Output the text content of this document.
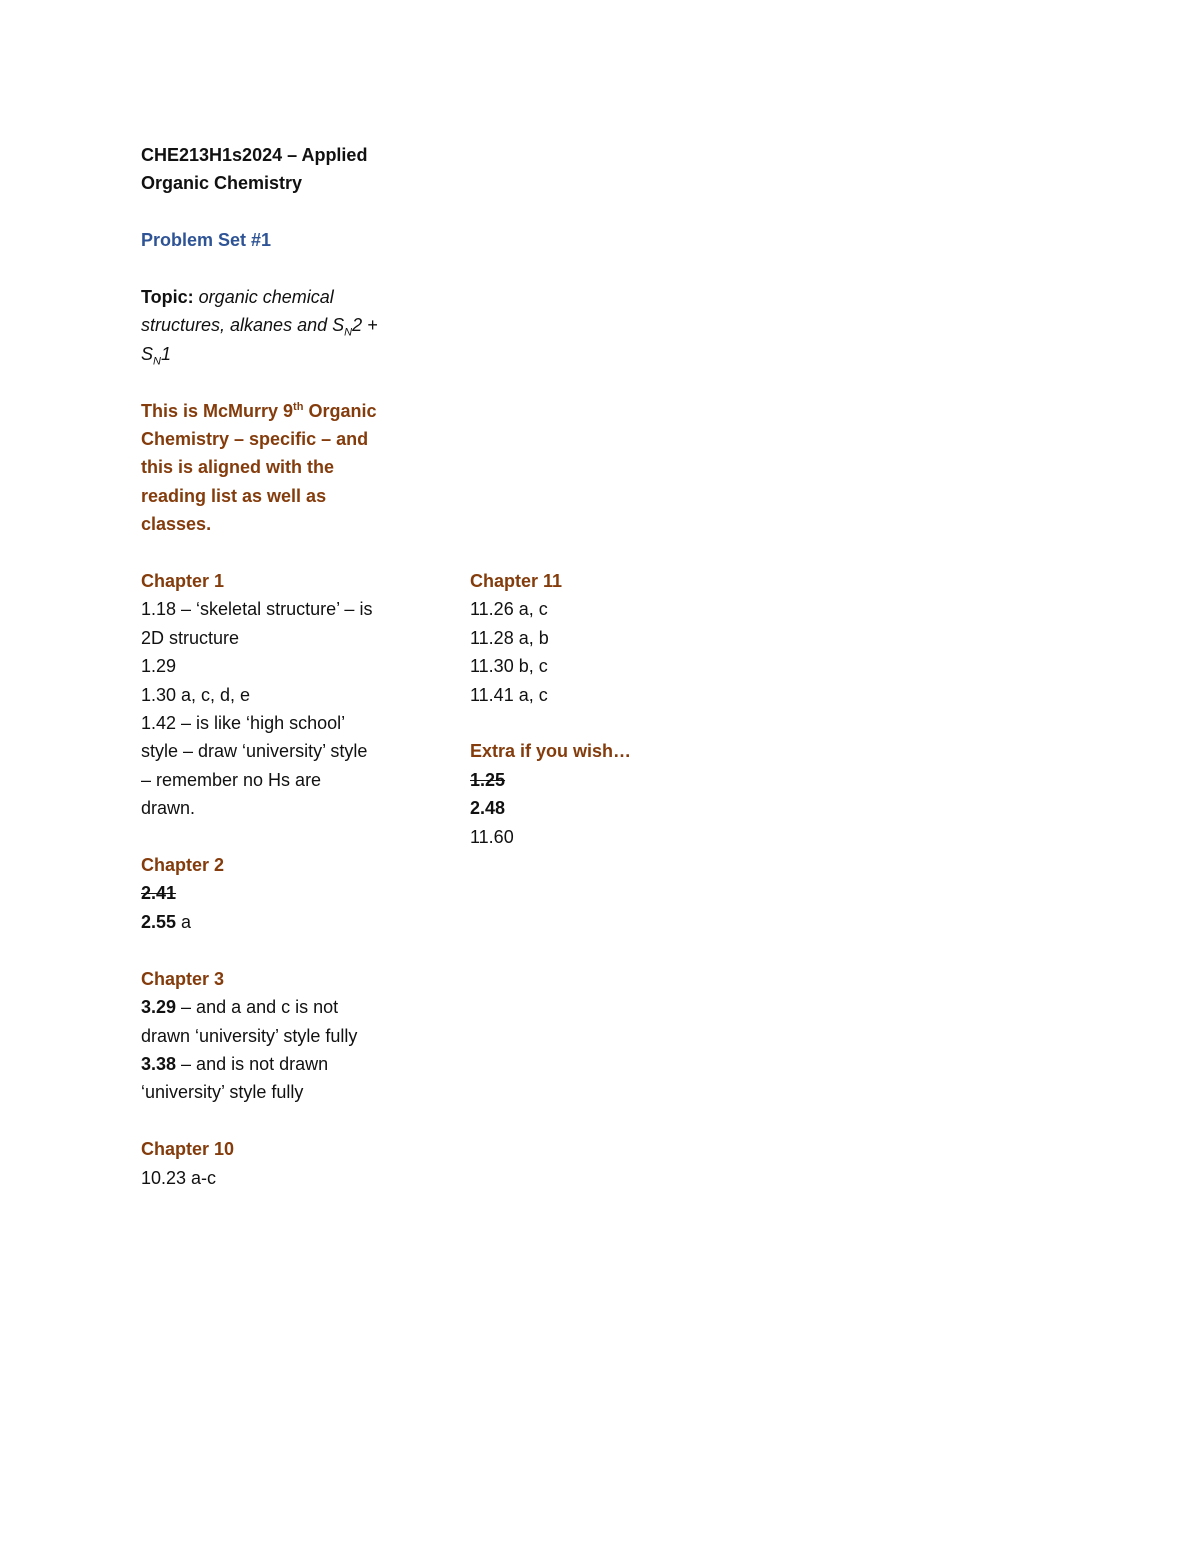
CHE213H1s2024 – Applied
Organic Chemistry
Problem Set #1
Topic: organic chemical
structures, alkanes and $S_N2$ +
$S_N1$
This is McMurry 9th Organic
Chemistry – specific – and
this is aligned with the
reading list as well as
classes.
Chapter 1
1.18 – ‘skeletal structure’ – is
2D structure
1.29
1.30 a, c, d, e
1.42 – is like ‘high school’
style – draw ‘university’ style
– remember no Hs are
drawn.
Chapter 2
2.41
2.55 a
Chapter 3
3.29 – and a and c is not
drawn ‘university’ style fully
3.38 – and is not drawn
‘university’ style fully
Chapter 10
10.23 a-c
Chapter 11
11.26 a, c
11.28 a, b
11.30 b, c
11.41 a, c
Extra if you wish…
1.25
2.48
11.60
